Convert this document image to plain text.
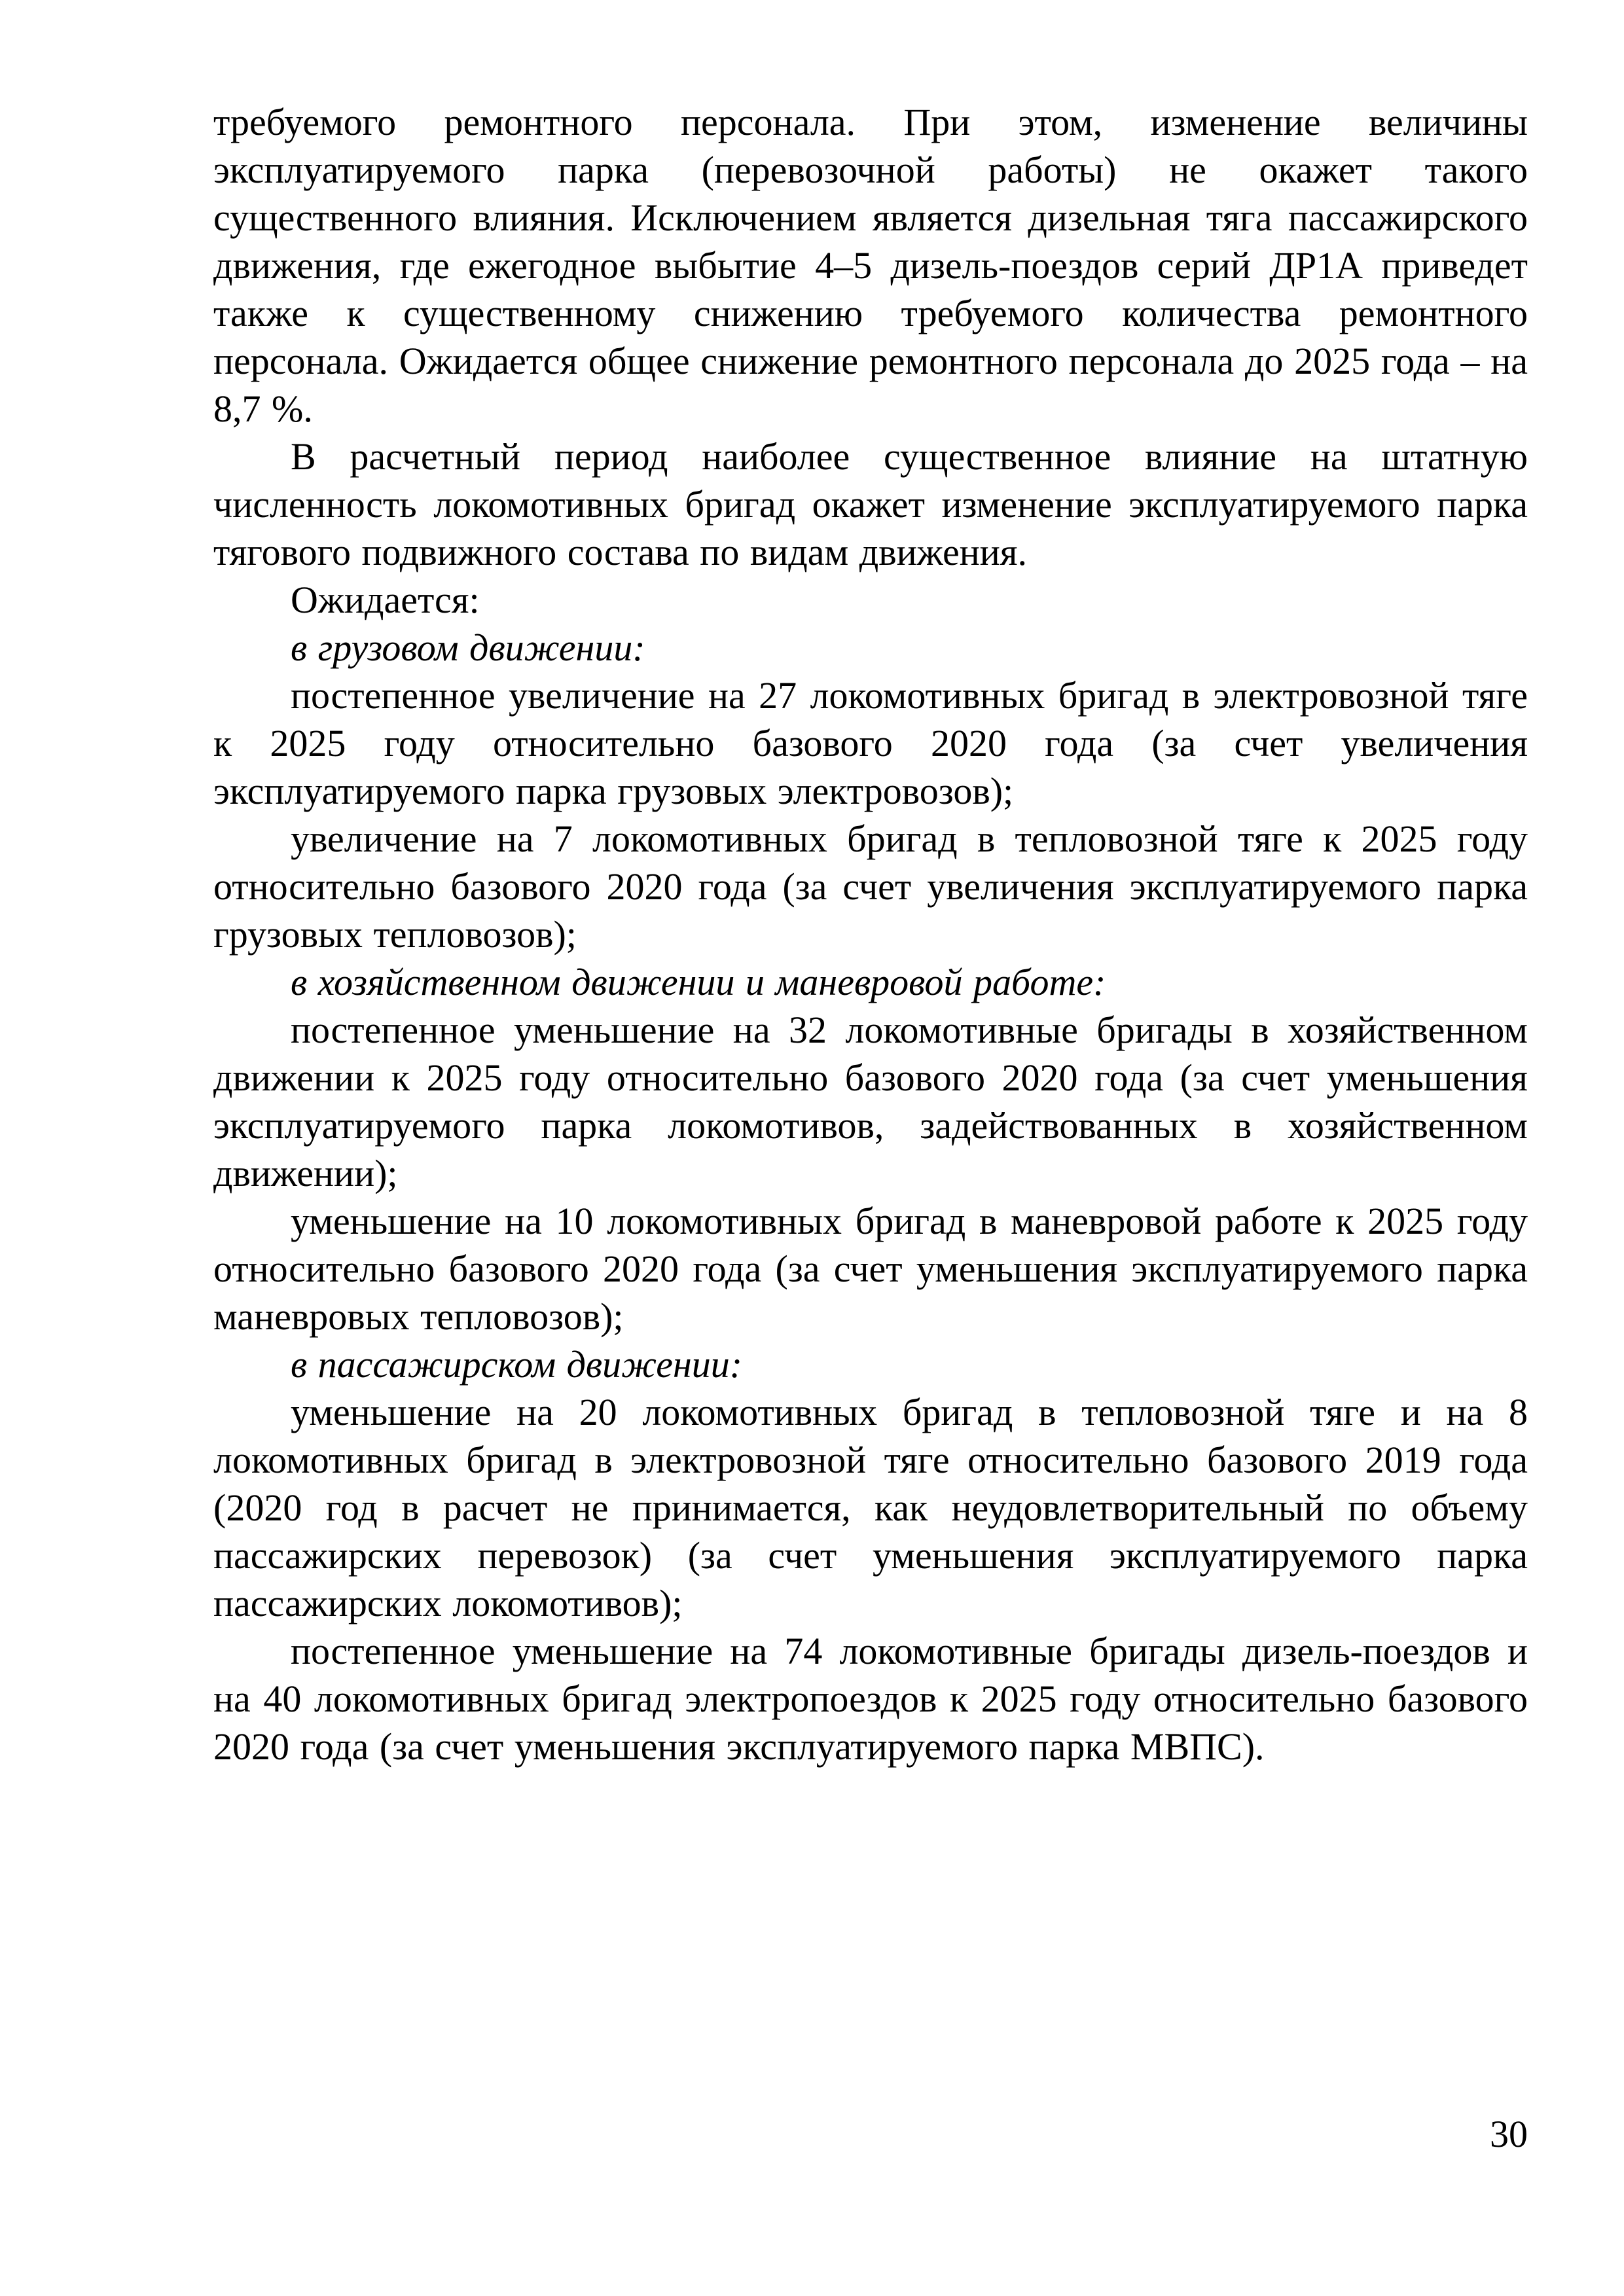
требуемого ремонтного персонала. При этом, изменение величины эксплуатируемого парка (перевозочной работы) не окажет такого существенного влияния. Исключением является дизельная тяга пассажирского движения, где ежегодное выбытие 4–5 дизель-поездов серий ДР1А приведет также к существенному снижению требуемого количества ремонтного персонала. Ожидается общее снижение ремонтного персонала до 2025 года – на 8,7 %.

В расчетный период наиболее существенное влияние на штатную численность локомотивных бригад окажет изменение эксплуатируемого парка тягового подвижного состава по видам движения.

Ожидается:

в грузовом движении:

постепенное увеличение на 27 локомотивных бригад в электровозной тяге к 2025 году относительно базового 2020 года (за счет увеличения эксплуатируемого парка грузовых электровозов);

увеличение на 7 локомотивных бригад в тепловозной тяге к 2025 году относительно базового 2020 года (за счет увеличения эксплуатируемого парка грузовых тепловозов);

в хозяйственном движении и маневровой работе:

постепенное уменьшение на 32 локомотивные бригады в хозяйственном движении к 2025 году относительно базового 2020 года (за счет уменьшения эксплуатируемого парка локомотивов, задействованных в хозяйственном движении);

уменьшение на 10 локомотивных бригад в маневровой работе к 2025 году относительно базового 2020 года (за счет уменьшения эксплуатируемого парка маневровых тепловозов);

в пассажирском движении:

уменьшение на 20 локомотивных бригад в тепловозной тяге и на 8 локомотивных бригад в электровозной тяге относительно базового 2019 года (2020 год в расчет не принимается, как неудовлетворительный по объему пассажирских перевозок) (за счет уменьшения эксплуатируемого парка пассажирских локомотивов);

постепенное уменьшение на 74 локомотивные бригады дизель-поездов и на 40 локомотивных бригад электропоездов к 2025 году относительно базового 2020 года (за счет уменьшения эксплуатируемого парка МВПС).

30
